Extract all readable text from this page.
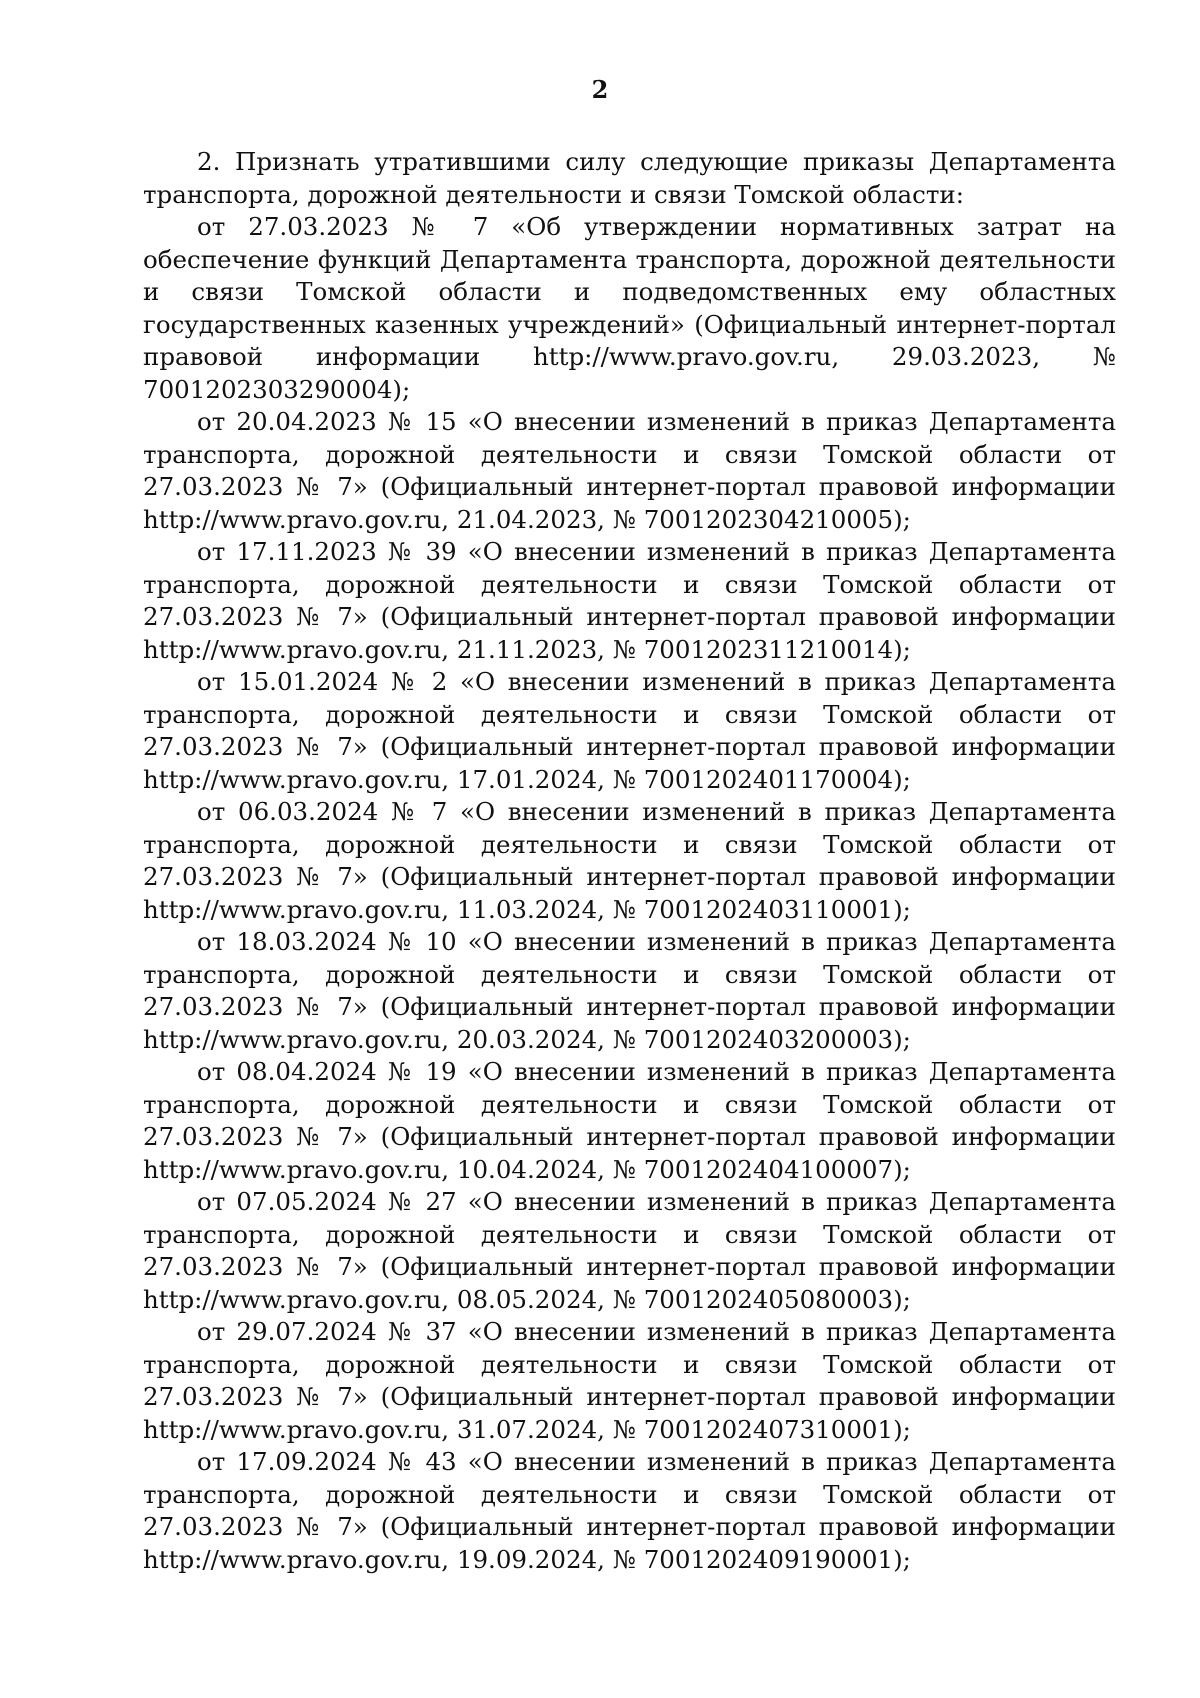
2

2. Признать утратившими силу следующие приказы Департамента транспорта, дорожной деятельности и связи Томской области:

от 27.03.2023 № 7 «Об утверждении нормативных затрат на обеспечение функций Департамента транспорта, дорожной деятельности и связи Томской области и подведомственных ему областных государственных казенных учреждений» (Официальный интернет-портал правовой информации http://www.pravo.gov.ru, 29.03.2023, № 7001202303290004);

от 20.04.2023 № 15 «О внесении изменений в приказ Департамента транспорта, дорожной деятельности и связи Томской области от 27.03.2023 № 7» (Официальный интернет-портал правовой информации http://www.pravo.gov.ru, 21.04.2023, № 7001202304210005);

от 17.11.2023 № 39 «О внесении изменений в приказ Департамента транспорта, дорожной деятельности и связи Томской области от 27.03.2023 № 7» (Официальный интернет-портал правовой информации http://www.pravo.gov.ru, 21.11.2023, № 7001202311210014);

от 15.01.2024 № 2 «О внесении изменений в приказ Департамента транспорта, дорожной деятельности и связи Томской области от 27.03.2023 № 7» (Официальный интернет-портал правовой информации http://www.pravo.gov.ru, 17.01.2024, № 7001202401170004);

от 06.03.2024 № 7 «О внесении изменений в приказ Департамента транспорта, дорожной деятельности и связи Томской области от 27.03.2023 № 7» (Официальный интернет-портал правовой информации http://www.pravo.gov.ru, 11.03.2024, № 7001202403110001);

от 18.03.2024 № 10 «О внесении изменений в приказ Департамента транспорта, дорожной деятельности и связи Томской области от 27.03.2023 № 7» (Официальный интернет-портал правовой информации http://www.pravo.gov.ru, 20.03.2024, № 7001202403200003);

от 08.04.2024 № 19 «О внесении изменений в приказ Департамента транспорта, дорожной деятельности и связи Томской области от 27.03.2023 № 7» (Официальный интернет-портал правовой информации http://www.pravo.gov.ru, 10.04.2024, № 7001202404100007);

от 07.05.2024 № 27 «О внесении изменений в приказ Департамента транспорта, дорожной деятельности и связи Томской области от 27.03.2023 № 7» (Официальный интернет-портал правовой информации http://www.pravo.gov.ru, 08.05.2024, № 7001202405080003);

от 29.07.2024 № 37 «О внесении изменений в приказ Департамента транспорта, дорожной деятельности и связи Томской области от 27.03.2023 № 7» (Официальный интернет-портал правовой информации http://www.pravo.gov.ru, 31.07.2024, № 7001202407310001);

от 17.09.2024 № 43 «О внесении изменений в приказ Департамента транспорта, дорожной деятельности и связи Томской области от 27.03.2023 № 7» (Официальный интернет-портал правовой информации http://www.pravo.gov.ru, 19.09.2024, № 7001202409190001);
